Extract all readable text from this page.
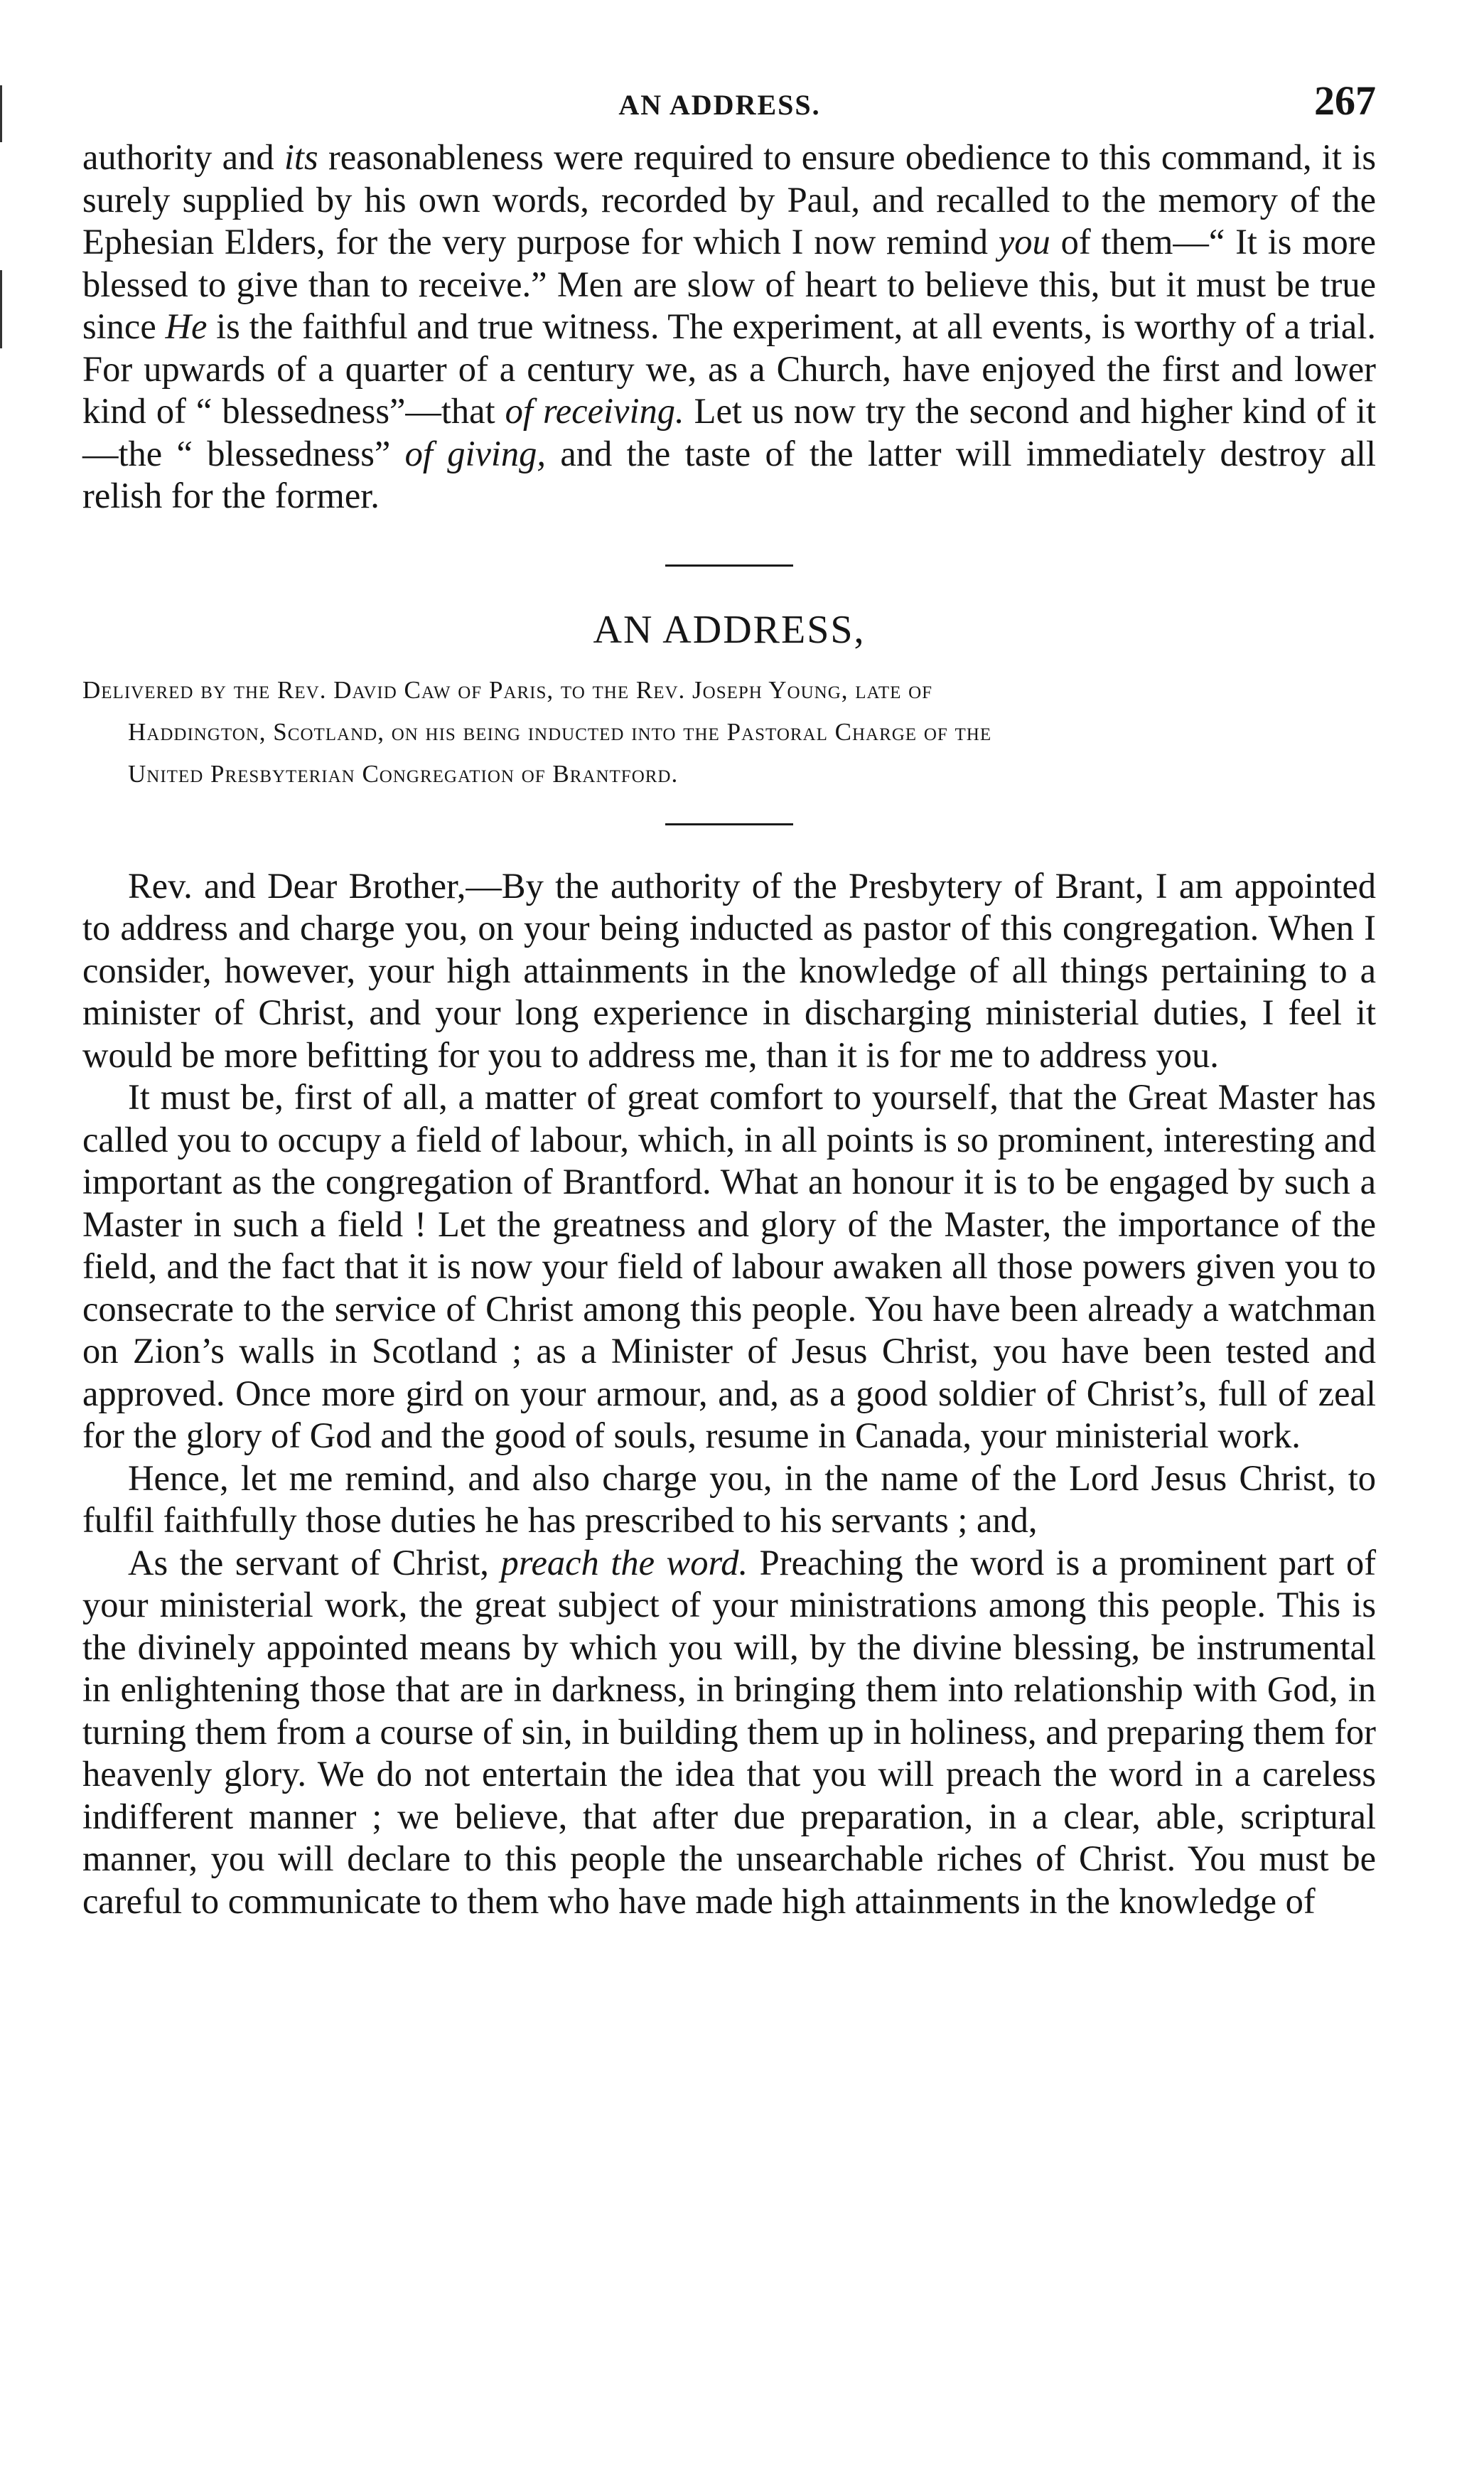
AN ADDRESS.	267

authority and its reasonableness were required to ensure obedience to this command, it is surely supplied by his own words, recorded by Paul, and recalled to the memory of the Ephesian Elders, for the very purpose for which I now remind you of them—“ It is more blessed to give than to receive.” Men are slow of heart to believe this, but it must be true since He is the faithful and true witness. The experiment, at all events, is worthy of a trial. For upwards of a quarter of a century we, as a Church, have enjoyed the first and lower kind of “ blessedness”—that of receiving. Let us now try the second and higher kind of it—the “ blessedness” of giving, and the taste of the latter will immediately destroy all relish for the former.

AN ADDRESS,
Delivered by the Rev. David Caw of Paris, to the Rev. Joseph Young, late of
Haddington, Scotland, on his being inducted into the Pastoral Charge of the
United Presbyterian Congregation of Brantford.

Rev. and Dear Brother,—By the authority of the Presbytery of Brant, I am appointed to address and charge you, on your being inducted as pastor of this congregation. When I consider, however, your high attainments in the knowledge of all things pertaining to a minister of Christ, and your long experience in discharging ministerial duties, I feel it would be more befitting for you to address me, than it is for me to address you.

It must be, first of all, a matter of great comfort to yourself, that the Great Master has called you to occupy a field of labour, which, in all points is so prominent, interesting and important as the congregation of Brantford. What an honour it is to be engaged by such a Master in such a field ! Let the greatness and glory of the Master, the importance of the field, and the fact that it is now your field of labour awaken all those powers given you to consecrate to the service of Christ among this people. You have been already a watchman on Zion’s walls in Scotland ; as a Minister of Jesus Christ, you have been tested and approved. Once more gird on your armour, and, as a good soldier of Christ’s, full of zeal for the glory of God and the good of souls, resume in Canada, your ministerial work.

Hence, let me remind, and also charge you, in the name of the Lord Jesus Christ, to fulfil faithfully those duties he has prescribed to his servants ; and,

As the servant of Christ, preach the word. Preaching the word is a prominent part of your ministerial work, the great subject of your ministrations among this people. This is the divinely appointed means by which you will, by the divine blessing, be instrumental in enlightening those that are in darkness, in bringing them into relationship with God, in turning them from a course of sin, in building them up in holiness, and preparing them for heavenly glory. We do not entertain the idea that you will preach the word in a careless indifferent manner ; we believe, that after due preparation, in a clear, able, scriptural manner, you will declare to this people the unsearchable riches of Christ. You must be careful to communicate to them who have made high attainments in the knowledge of
